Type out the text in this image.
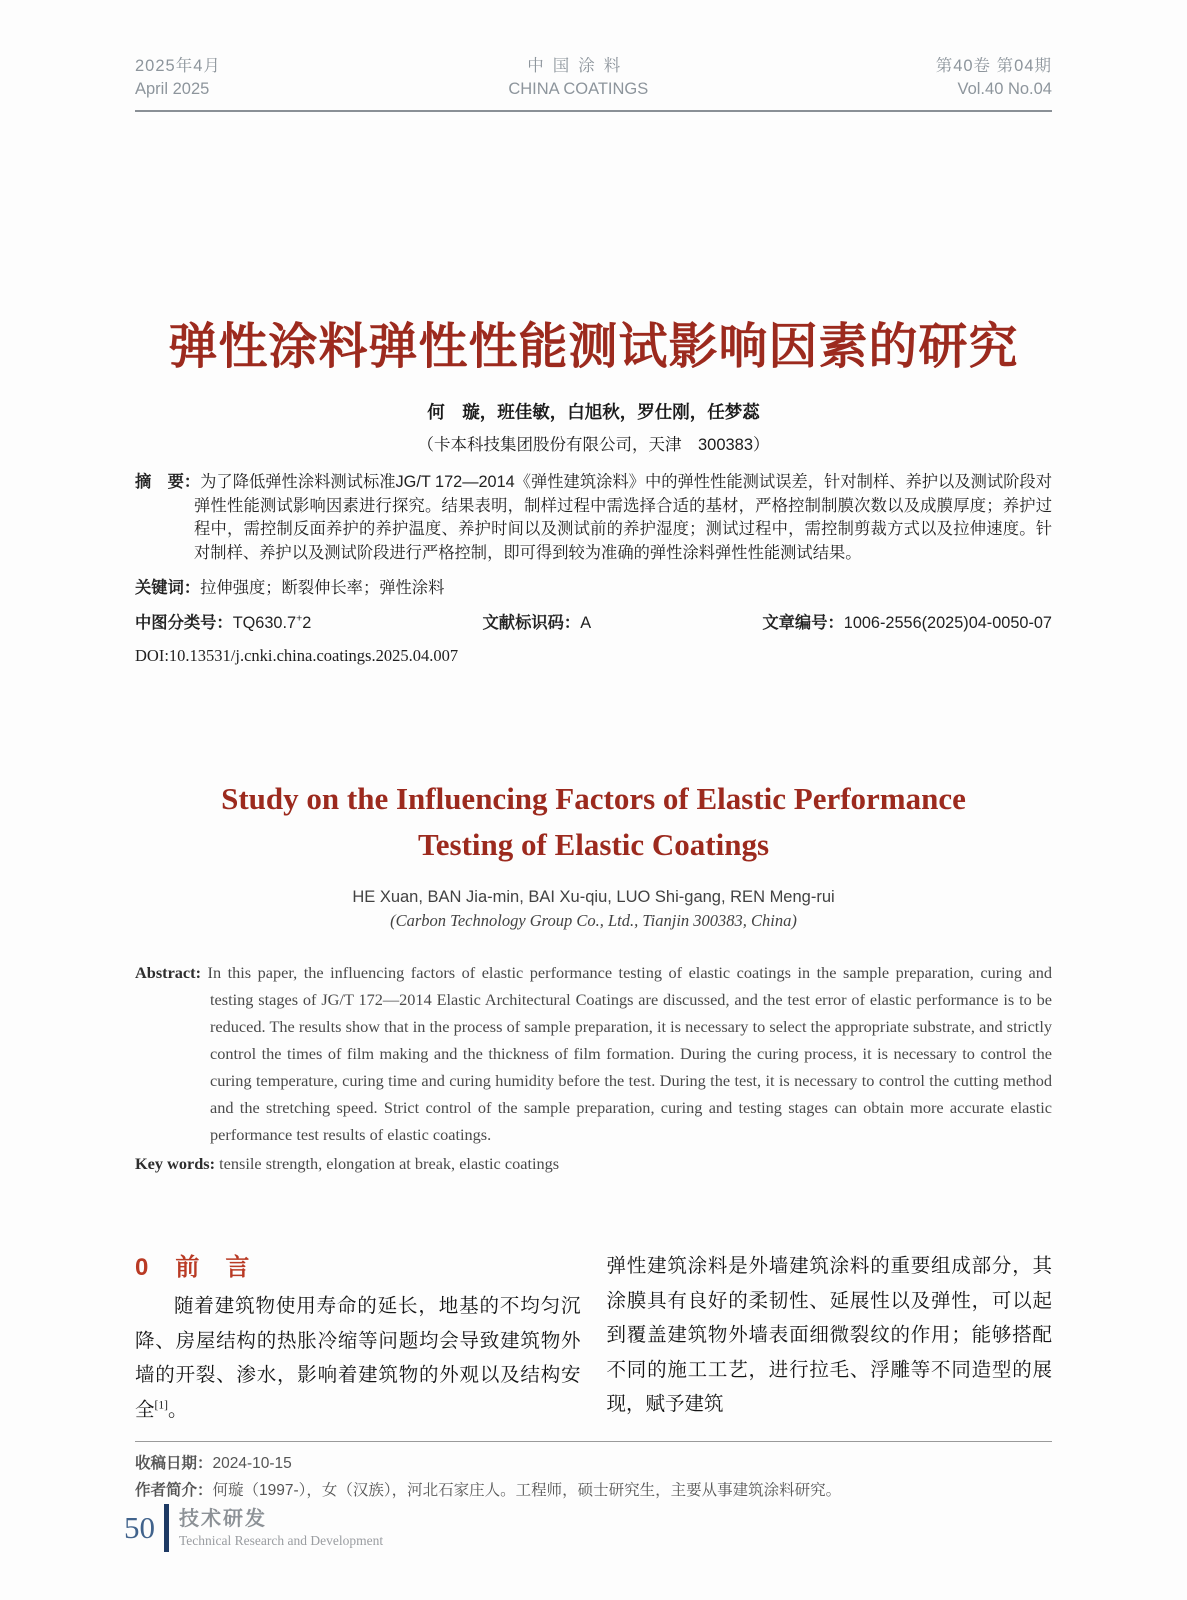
2025年4月
April 2025
中国涂料
CHINA COATINGS
第40卷 第04期
Vol.40 No.04
弹性涂料弹性性能测试影响因素的研究
何　璇，班佳敏，白旭秋，罗仕刚，任梦蕊
（卡本科技集团股份有限公司，天津　300383）

摘　要：为了降低弹性涂料测试标准JG/T 172—2014《弹性建筑涂料》中的弹性性能测试误差，针对制样、养护以及测试阶段对弹性性能测试影响因素进行探究。结果表明，制样过程中需选择合适的基材，严格控制制膜次数以及成膜厚度；养护过程中，需控制反面养护的养护温度、养护时间以及测试前的养护湿度；测试过程中，需控制剪裁方式以及拉伸速度。针对制样、养护以及测试阶段进行严格控制，即可得到较为准确的弹性涂料弹性性能测试结果。

关键词：拉伸强度；断裂伸长率；弹性涂料

中图分类号：TQ630.7+2	文献标识码：A	文章编号：1006-2556(2025)04-0050-07
DOI:10.13531/j.cnki.china.coatings.2025.04.007
Study on the Influencing Factors of Elastic Performance
Testing of Elastic Coatings
HE Xuan, BAN Jia-min, BAI Xu-qiu, LUO Shi-gang, REN Meng-rui
(Carbon Technology Group Co., Ltd., Tianjin 300383, China)

Abstract: In this paper, the influencing factors of elastic performance testing of elastic coatings in the sample preparation, curing and testing stages of JG/T 172—2014 Elastic Architectural Coatings are discussed, and the test error of elastic performance is to be reduced. The results show that in the process of sample preparation, it is necessary to select the appropriate substrate, and strictly control the times of film making and the thickness of film formation. During the curing process, it is necessary to control the curing temperature, curing time and curing humidity before the test. During the test, it is necessary to control the cutting method and the stretching speed. Strict control of the sample preparation, curing and testing stages can obtain more accurate elastic performance test results of elastic coatings.

Key words: tensile strength, elongation at break, elastic coatings

0 前　言

随着建筑物使用寿命的延长，地基的不均匀沉降、房屋结构的热胀冷缩等问题均会导致建筑物外墙的开裂、渗水，影响着建筑物的外观以及结构安全[1]。

弹性建筑涂料是外墙建筑涂料的重要组成部分，其涂膜具有良好的柔韧性、延展性以及弹性，可以起到覆盖建筑物外墙表面细微裂纹的作用；能够搭配不同的施工工艺，进行拉毛、浮雕等不同造型的展现，赋予建筑

收稿日期：2024-10-15
作者简介：何璇（1997-），女（汉族），河北石家庄人。工程师，硕士研究生，主要从事建筑涂料研究。
50 技术研发
Technical Research and Development
